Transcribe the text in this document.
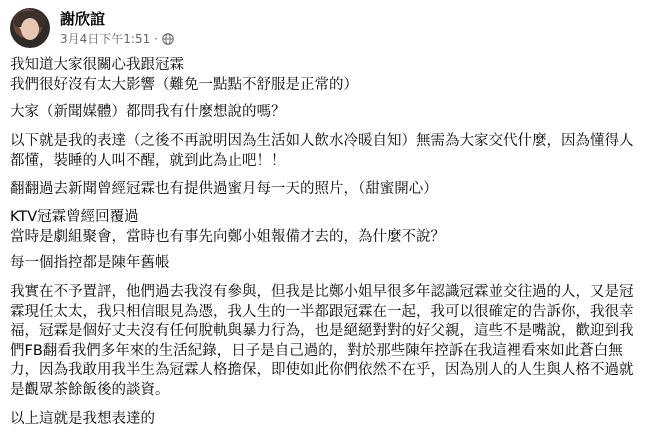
謝欣誼
3月4日下午1:51 ·

我知道大家很關心我跟冠霖
我們很好沒有太大影響（難免一點點不舒服是正常的）

大家（新聞媒體）都問我有什麼想說的嗎？

以下就是我的表達（之後不再說明因為生活如人飲水冷暖自知）無需為大家交代什麼，因為懂得人
都懂，裝睡的人叫不醒，就到此為止吧！！

翻翻過去新聞曾經冠霖也有提供過蜜月每一天的照片，（甜蜜開心）

KTV冠霖曾經回覆過
當時是劇組聚會，當時也有事先向鄭小姐報備才去的，為什麼不說？

每一個指控都是陳年舊帳

我實在不予置評，他們過去我沒有參與，但我是比鄭小姐早很多年認識冠霖並交往過的人，又是冠
霖現任太太，我只相信眼見為憑，我人生的一半都跟冠霖在一起，我可以很確定的告訴你，我很幸
福，冠霖是個好丈夫沒有任何脫軌與暴力行為，也是絕絕對對的好父親，這些不是嘴說，歡迎到我
們FB翻看我們多年來的生活紀錄，日子是自己過的，對於那些陳年控訴在我這裡看來如此蒼白無
力，因為我敢用我半生為冠霖人格擔保，即使如此你們依然不在乎，因為別人的人生與人格不過就
是觀眾茶餘飯後的談資。

以上這就是我想表達的
